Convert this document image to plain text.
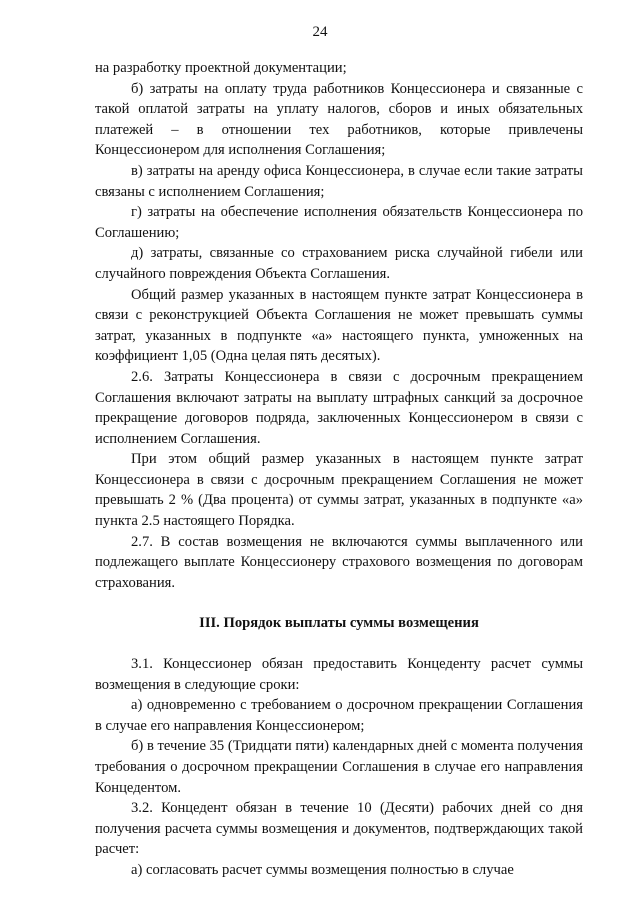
24

на разработку проектной документации;

б) затраты на оплату труда работников Концессионера и связанные с такой оплатой затраты на уплату налогов, сборов и иных обязательных платежей – в отношении тех работников, которые привлечены Концессионером для исполнения Соглашения;

в) затраты на аренду офиса Концессионера, в случае если такие затраты связаны с исполнением Соглашения;

г) затраты на обеспечение исполнения обязательств Концессионера по Соглашению;

д) затраты, связанные со страхованием риска случайной гибели или случайного повреждения Объекта Соглашения.

Общий размер указанных в настоящем пункте затрат Концессионера в связи с реконструкцией Объекта Соглашения не может превышать суммы затрат, указанных в подпункте «а» настоящего пункта, умноженных на коэффициент 1,05 (Одна целая пять десятых).

2.6. Затраты Концессионера в связи с досрочным прекращением Соглашения включают затраты на выплату штрафных санкций за досрочное прекращение договоров подряда, заключенных Концессионером в связи с исполнением Соглашения.

При этом общий размер указанных в настоящем пункте затрат Концессионера в связи с досрочным прекращением Соглашения не может превышать 2 % (Два процента) от суммы затрат, указанных в подпункте «а» пункта 2.5 настоящего Порядка.

2.7. В состав возмещения не включаются суммы выплаченного или подлежащего выплате Концессионеру страхового возмещения по договорам страхования.

III. Порядок выплаты суммы возмещения

3.1. Концессионер обязан предоставить Концеденту расчет суммы возмещения в следующие сроки:

а) одновременно с требованием о досрочном прекращении Соглашения в случае его направления Концессионером;

б) в течение 35 (Тридцати пяти) календарных дней с момента получения требования о досрочном прекращении Соглашения в случае его направления Концедентом.

3.2. Концедент обязан в течение 10 (Десяти) рабочих дней со дня получения расчета суммы возмещения и документов, подтверждающих такой расчет:

а) согласовать расчет суммы возмещения полностью в случае
